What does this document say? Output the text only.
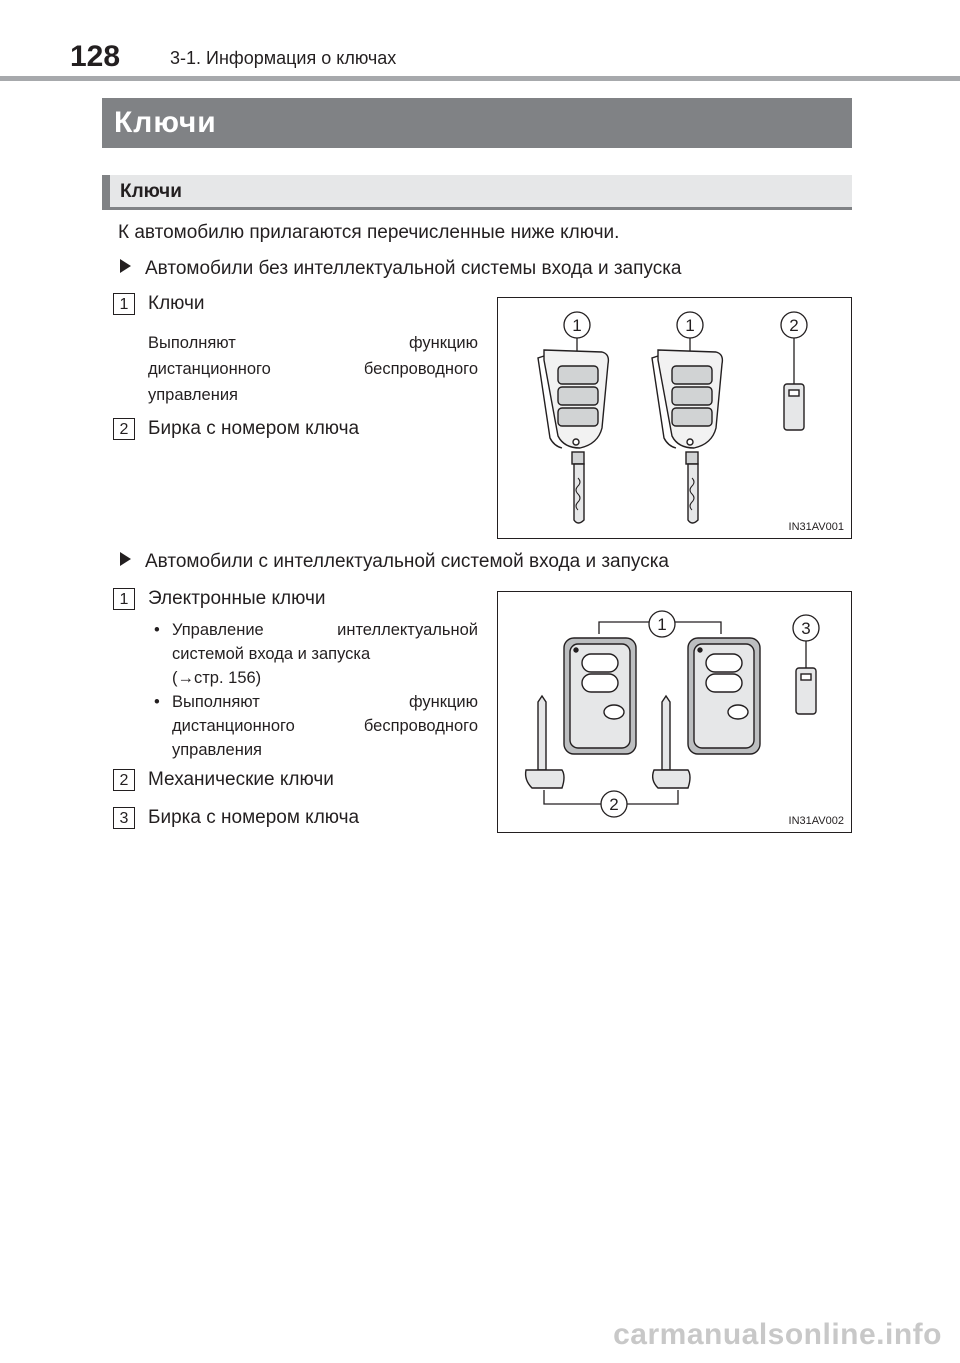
128	3-1. Информация о ключах
Ключи
Ключи
К автомобилю прилагаются перечисленные ниже ключи.
Автомобили без интеллектуальной системы входа и запуска
1	Ключи
Выполняют	функцию
дистанционного	беспроводного
управления
2	Бирка с номером ключа
1	1	2
IN31AV001
Автомобили с интеллектуальной системой входа и запуска
1	Электронные ключи
• Управление	интеллектуальной
системой входа и запуска
(→стр. 156)
• Выполняют	функцию
дистанционного	беспроводного
управления
2	Механические ключи
3	Бирка с номером ключа
1
2
3
IN31AV002
carmanualsonline.info
